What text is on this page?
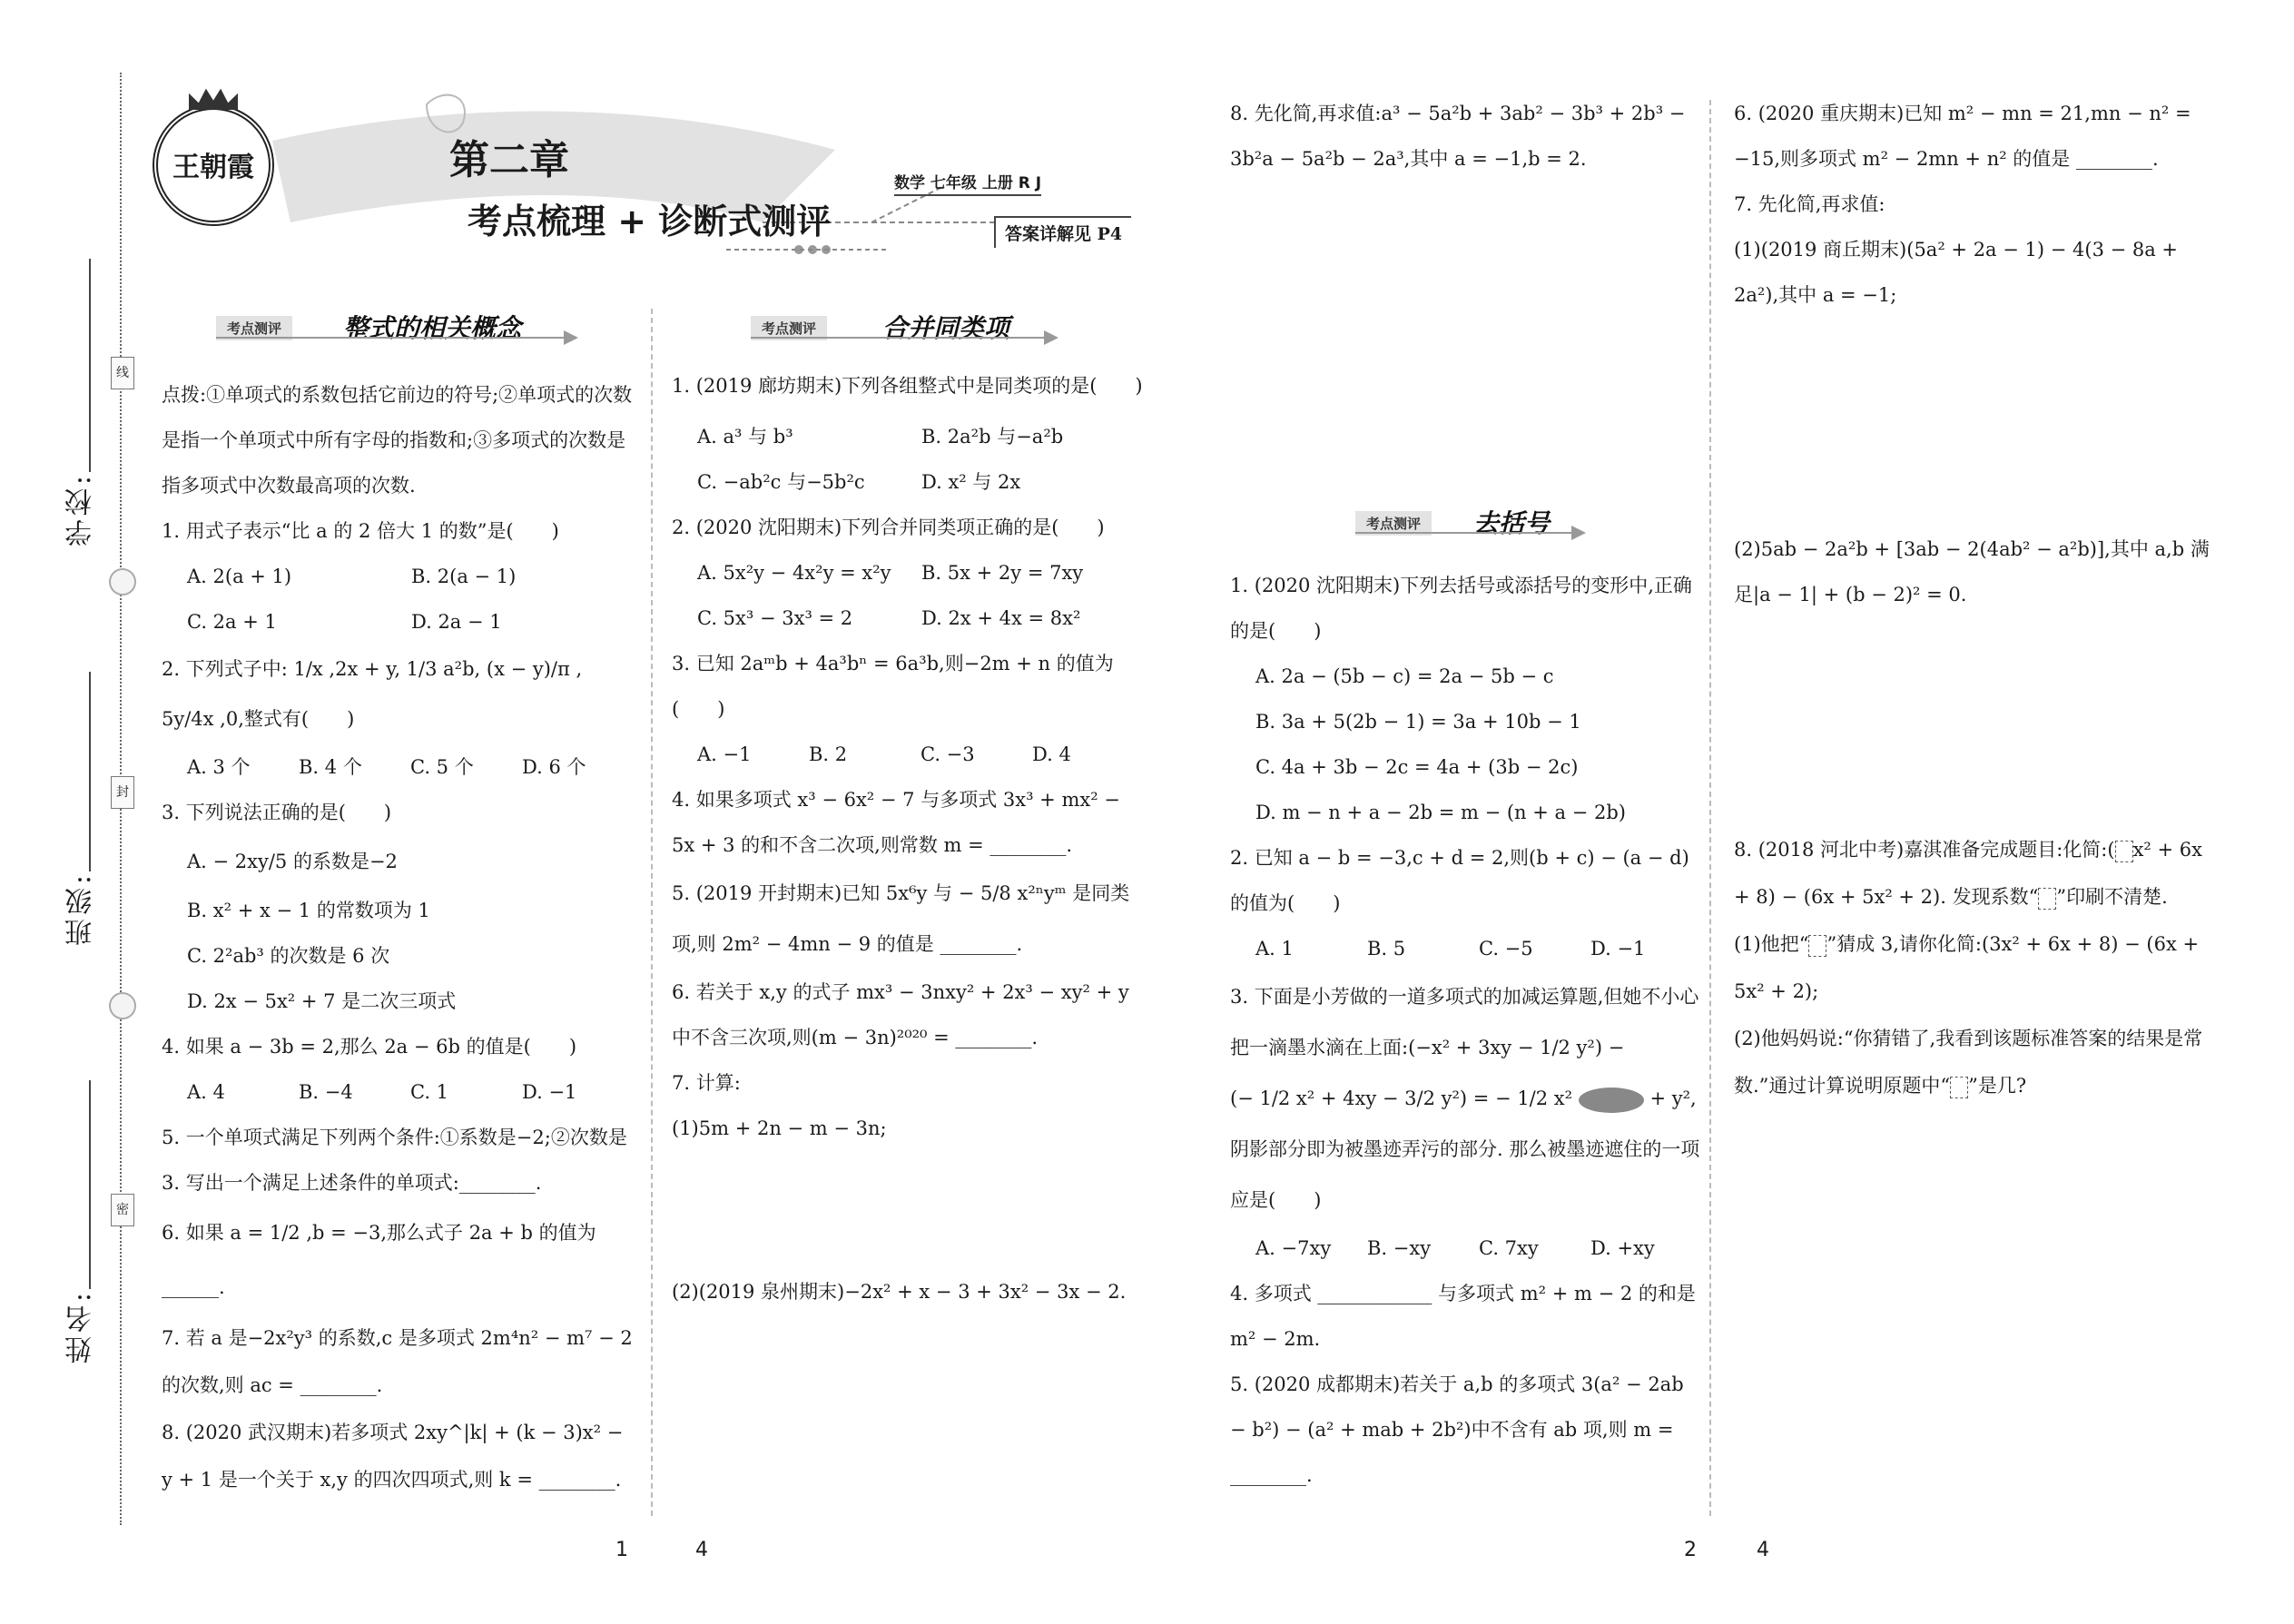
线
封
密
学校:
班级:
姓名:
王朝霞	第二章
考点梳理 + 诊断式测评
数学 七年级 上册 R J
答案详解见 P4
考点测评	整式的相关概念

点拨:①单项式的系数包括它前边的符号;②单项式的次数是指一个单项式中所有字母的指数和;③多项式的次数是指多项式中次数最高项的次数.

1. 用式子表示“比 a 的 2 倍大 1 的数”是(　　)

A. 2(a + 1)	B. 2(a − 1)
C. 2a + 1	D. 2a − 1

2. 下列式子中: 1/x ,2x + y, 1/3 a²b, (x − y)/π , 5y/4x ,0,整式有(　　)

A. 3 个	B. 4 个	C. 5 个	D. 6 个

3. 下列说法正确的是(　　)

A. − 2xy/5 的系数是−2

B. x² + x − 1 的常数项为 1

C. 2²ab³ 的次数是 6 次

D. 2x − 5x² + 7 是二次三项式

4. 如果 a − 3b = 2,那么 2a − 6b 的值是(　　)

A. 4	B. −4	C. 1	D. −1

5. 一个单项式满足下列两个条件:①系数是−2;②次数是 3. 写出一个满足上述条件的单项式:________.

6. 如果 a = 1/2 ,b = −3,那么式子 2a + b 的值为 ______.

7. 若 a 是−2x²y³ 的系数,c 是多项式 2m⁴n² − m⁷ − 2 的次数,则 ac = ________.

8. (2020 武汉期末)若多项式 2xy^|k| + (k − 3)x² − y + 1 是一个关于 x,y 的四次四项式,则 k = ________.

考点测评	合并同类项

1. (2019 廊坊期末)下列各组整式中是同类项的是(　　)

A. a³ 与 b³	B. 2a²b 与−a²b
C. −ab²c 与−5b²c	D. x² 与 2x

2. (2020 沈阳期末)下列合并同类项正确的是(　　)

A. 5x²y − 4x²y = x²y	B. 5x + 2y = 7xy
C. 5x³ − 3x³ = 2	D. 2x + 4x = 8x²

3. 已知 2aᵐb + 4a³bⁿ = 6a³b,则−2m + n 的值为(　　)

A. −1	B. 2	C. −3	D. 4

4. 如果多项式 x³ − 6x² − 7 与多项式 3x³ + mx² − 5x + 3 的和不含二次项,则常数 m = ________.

5. (2019 开封期末)已知 5x⁶y 与 − 5/8 x²ⁿyᵐ 是同类项,则 2m² − 4mn − 9 的值是 ________.

6. 若关于 x,y 的式子 mx³ − 3nxy² + 2x³ − xy² + y 中不含三次项,则(m − 3n)²⁰²⁰ = ________.

7. 计算:

(1)5m + 2n − m − 3n;

(2)(2019 泉州期末)−2x² + x − 3 + 3x² − 3x − 2.

8. 先化简,再求值:a³ − 5a²b + 3ab² − 3b³ + 2b³ − 3b²a − 5a²b − 2a³,其中 a = −1,b = 2.

考点测评	去括号

1. (2020 沈阳期末)下列去括号或添括号的变形中,正确的是(　　)

A. 2a − (5b − c) = 2a − 5b − c

B. 3a + 5(2b − 1) = 3a + 10b − 1

C. 4a + 3b − 2c = 4a + (3b − 2c)

D. m − n + a − 2b = m − (n + a − 2b)

2. 已知 a − b = −3,c + d = 2,则(b + c) − (a − d)的值为(　　)

A. 1	B. 5	C. −5	D. −1

3. 下面是小芳做的一道多项式的加减运算题,但她不小心把一滴墨水滴在上面:(−x² + 3xy − 1/2 y²) −

(− 1/2 x² + 4xy − 3/2 y²) = − 1/2 x²	+ y²,阴影部分即为被墨迹弄污的部分. 那么被墨迹遮住的一项应是(　　)

A. −7xy	B. −xy	C. 7xy	D. +xy

4. 多项式 ____________ 与多项式 m² + m − 2 的和是 m² − 2m.

5. (2020 成都期末)若关于 a,b 的多项式 3(a² − 2ab − b²) − (a² + mab + 2b²)中不含有 ab 项,则 m = ________.

6. (2020 重庆期末)已知 m² − mn = 21,mn − n² = −15,则多项式 m² − 2mn + n² 的值是 ________.

7. 先化简,再求值:

(1)(2019 商丘期末)(5a² + 2a − 1) − 4(3 − 8a + 2a²),其中 a = −1;

(2)5ab − 2a²b + [3ab − 2(4ab² − a²b)],其中 a,b 满足|a − 1| + (b − 2)² = 0.

8. (2018 河北中考)嘉淇准备完成题目:化简:( x² + 6x + 8) − (6x + 5x² + 2). 发现系数“ ”印刷不清楚.

(1)他把“ ”猜成 3,请你化简:(3x² + 6x + 8) − (6x + 5x² + 2);

(2)他妈妈说:“你猜错了,我看到该题标准答案的结果是常数.”通过计算说明原题中“ ”是几?

1	4	2	4
